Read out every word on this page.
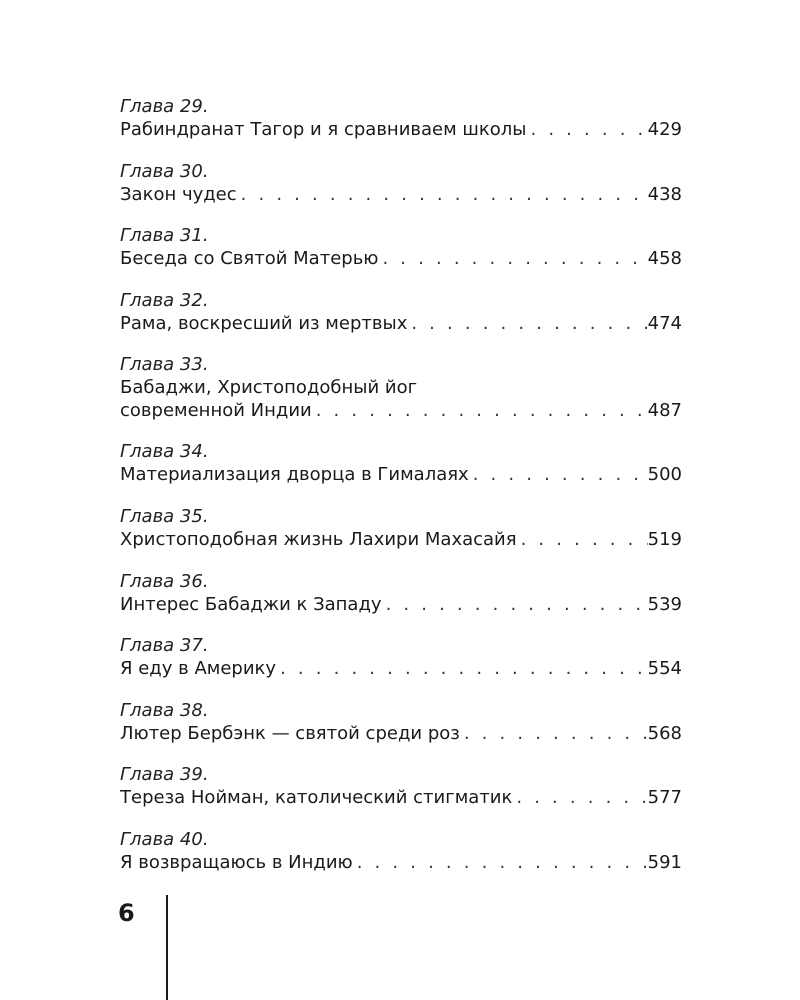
Глава 29.
Рабиндранат Тагор и я сравниваем школы . . .	429
Глава 30.
Закон чудес . . .	438
Глава 31.
Беседа со Святой Матерью . . .	458
Глава 32.
Рама, воскресший из мертвых . . .	474
Глава 33.
Бабаджи, Христоподобный йог
современной Индии . . .	487
Глава 34.
Материализация дворца в Гималаях . . .	500
Глава 35.
Христоподобная жизнь Лахири Махасайя . . .	519
Глава 36.
Интерес Бабаджи к Западу . . .	539
Глава 37.
Я еду в Америку . . .	554
Глава 38.
Лютер Бербэнк — святой среди роз . . .	568
Глава 39.
Тереза Нойман, католический стигматик . . .	577
Глава 40.
Я возвращаюсь в Индию . . .	591
6
